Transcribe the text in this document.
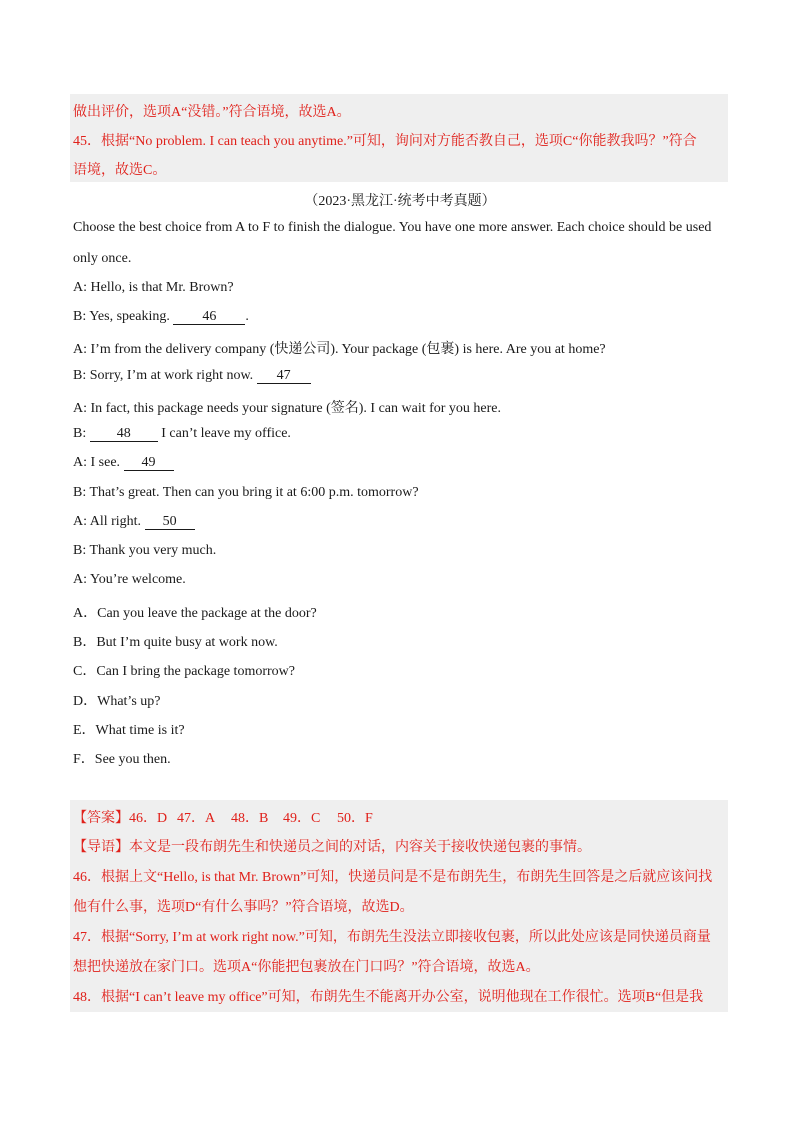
做出评价，选项A“没错。”符合语境，故选A。
45．根据“No problem. I can teach you anytime.”可知，询问对方能否教自己，选项C“你能教我吗？”符合
语境，故选C。
（2023·黑龙江·统考中考真题）
Choose the best choice from A to F to finish the dialogue. You have one more answer. Each choice should be used
only once.
A: Hello, is that Mr. Brown?
B: Yes, speaking. 46 .
A: I’m from the delivery company (快递公司). Your package (包裹) is here. Are you at home?
B: Sorry, I’m at work right now. 47
A: In fact, this package needs your signature (签名). I can wait for you here.
B: 48 I can’t leave my office.
A: I see. 49
B: That’s great. Then can you bring it at 6:00 p.m. tomorrow?
A: All right. 50
B: Thank you very much.
A: You’re welcome.
A．Can you leave the package at the door?
B．But I’m quite busy at work now.
C．Can I bring the package tomorrow?
D．What’s up?
E．What time is it?
F．See you then.
【答案】46．D 47．A 48．B 49．C 50．F
【导语】本文是一段布朗先生和快递员之间的对话，内容关于接收快递包裹的事情。
46．根据上文“Hello, is that Mr. Brown”可知，快递员问是不是布朗先生，布朗先生回答是之后就应该问找
他有什么事，选项D“有什么事吗？”符合语境，故选D。
47．根据“Sorry, I’m at work right now.”可知，布朗先生没法立即接收包裹，所以此处应该是同快递员商量
想把快递放在家门口。选项A“你能把包裹放在门口吗？”符合语境，故选A。
48．根据“I can’t leave my office”可知，布朗先生不能离开办公室，说明他现在工作很忙。选项B“但是我
